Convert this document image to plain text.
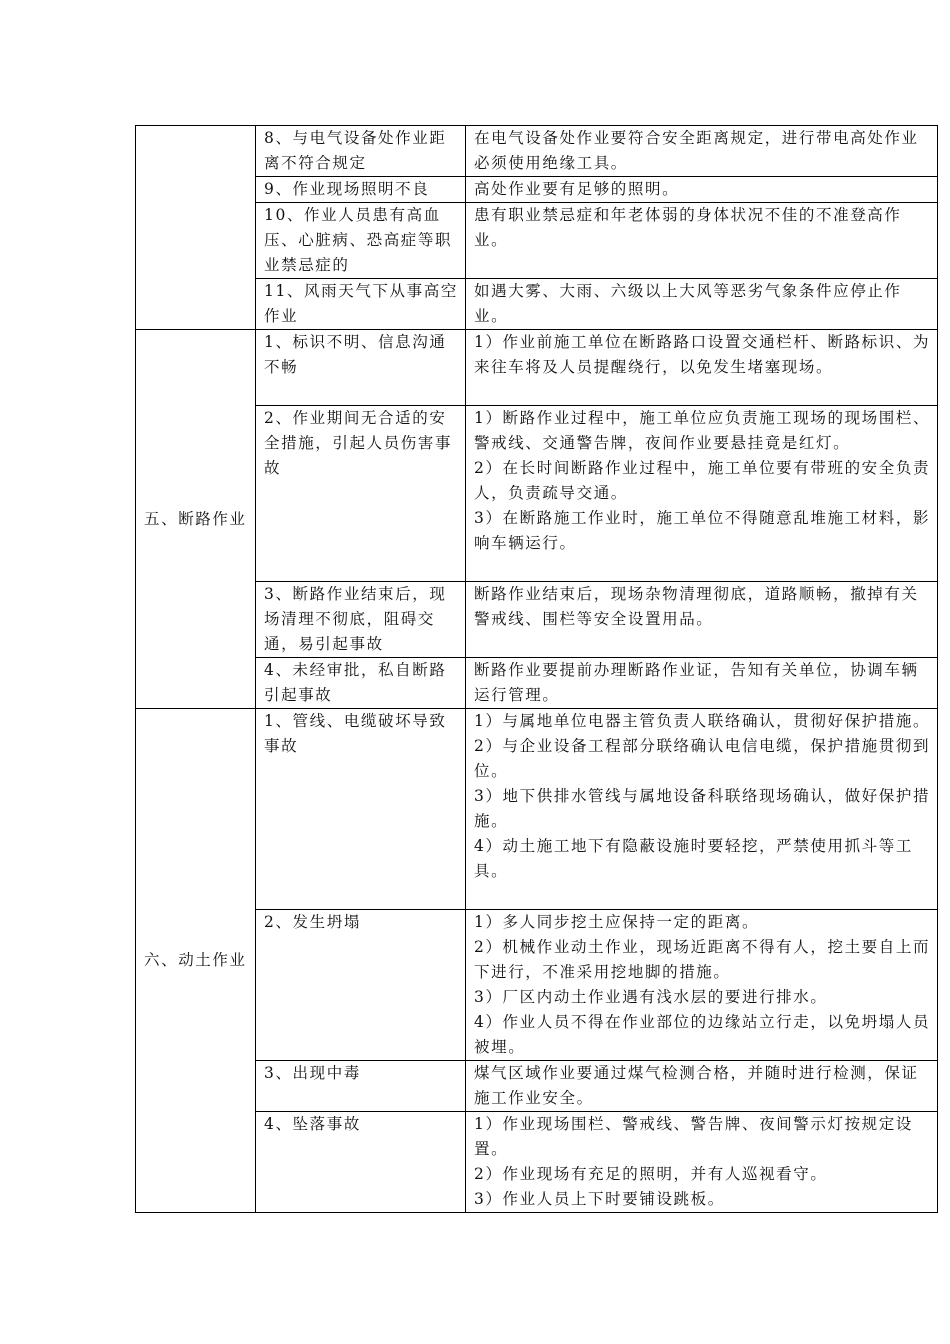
	8、与电气设备处作业距离不符合规定	在电气设备处作业要符合安全距离规定，进行带电高处作业必须使用绝缘工具。

	9、作业现场照明不良	高处作业要有足够的照明。

	10、作业人员患有高血压、心脏病、恐高症等职业禁忌症的	患有职业禁忌症和年老体弱的身体状况不佳的不准登高作业。

	11、风雨天气下从事高空作业	如遇大雾、大雨、六级以上大风等恶劣气象条件应停止作业。

五、断路作业	1、标识不明、信息沟通不畅	1）作业前施工单位在断路路口设置交通栏杆、断路标识、为来往车将及人员提醒绕行，以免发生堵塞现场。

	2、作业期间无合适的安全措施，引起人员伤害事故	1）断路作业过程中，施工单位应负责施工现场的现场围栏、警戒线、交通警告牌，夜间作业要悬挂竟是红灯。
2）在长时间断路作业过程中，施工单位要有带班的安全负责人，负责疏导交通。
3）在断路施工作业时，施工单位不得随意乱堆施工材料，影响车辆运行。

	3、断路作业结束后，现场清理不彻底，阻碍交通，易引起事故	断路作业结束后，现场杂物清理彻底，道路顺畅，撤掉有关警戒线、围栏等安全设置用品。

	4、未经审批，私自断路引起事故	断路作业要提前办理断路作业证，告知有关单位，协调车辆运行管理。

六、动土作业	1、管线、电缆破坏导致事故	1）与属地单位电器主管负责人联络确认，贯彻好保护措施。
2）与企业设备工程部分联络确认电信电缆，保护措施贯彻到位。
3）地下供排水管线与属地设备科联络现场确认，做好保护措施。
4）动土施工地下有隐蔽设施时要轻挖，严禁使用抓斗等工具。

	2、发生坍塌	1）多人同步挖土应保持一定的距离。
2）机械作业动土作业，现场近距离不得有人，挖土要自上而下进行，不准采用挖地脚的措施。
3）厂区内动土作业遇有浅水层的要进行排水。
4）作业人员不得在作业部位的边缘站立行走，以免坍塌人员被埋。

	3、出现中毒	煤气区域作业要通过煤气检测合格，并随时进行检测，保证施工作业安全。

	4、坠落事故	1）作业现场围栏、警戒线、警告牌、夜间警示灯按规定设置。
2）作业现场有充足的照明，并有人巡视看守。
3）作业人员上下时要铺设跳板。
